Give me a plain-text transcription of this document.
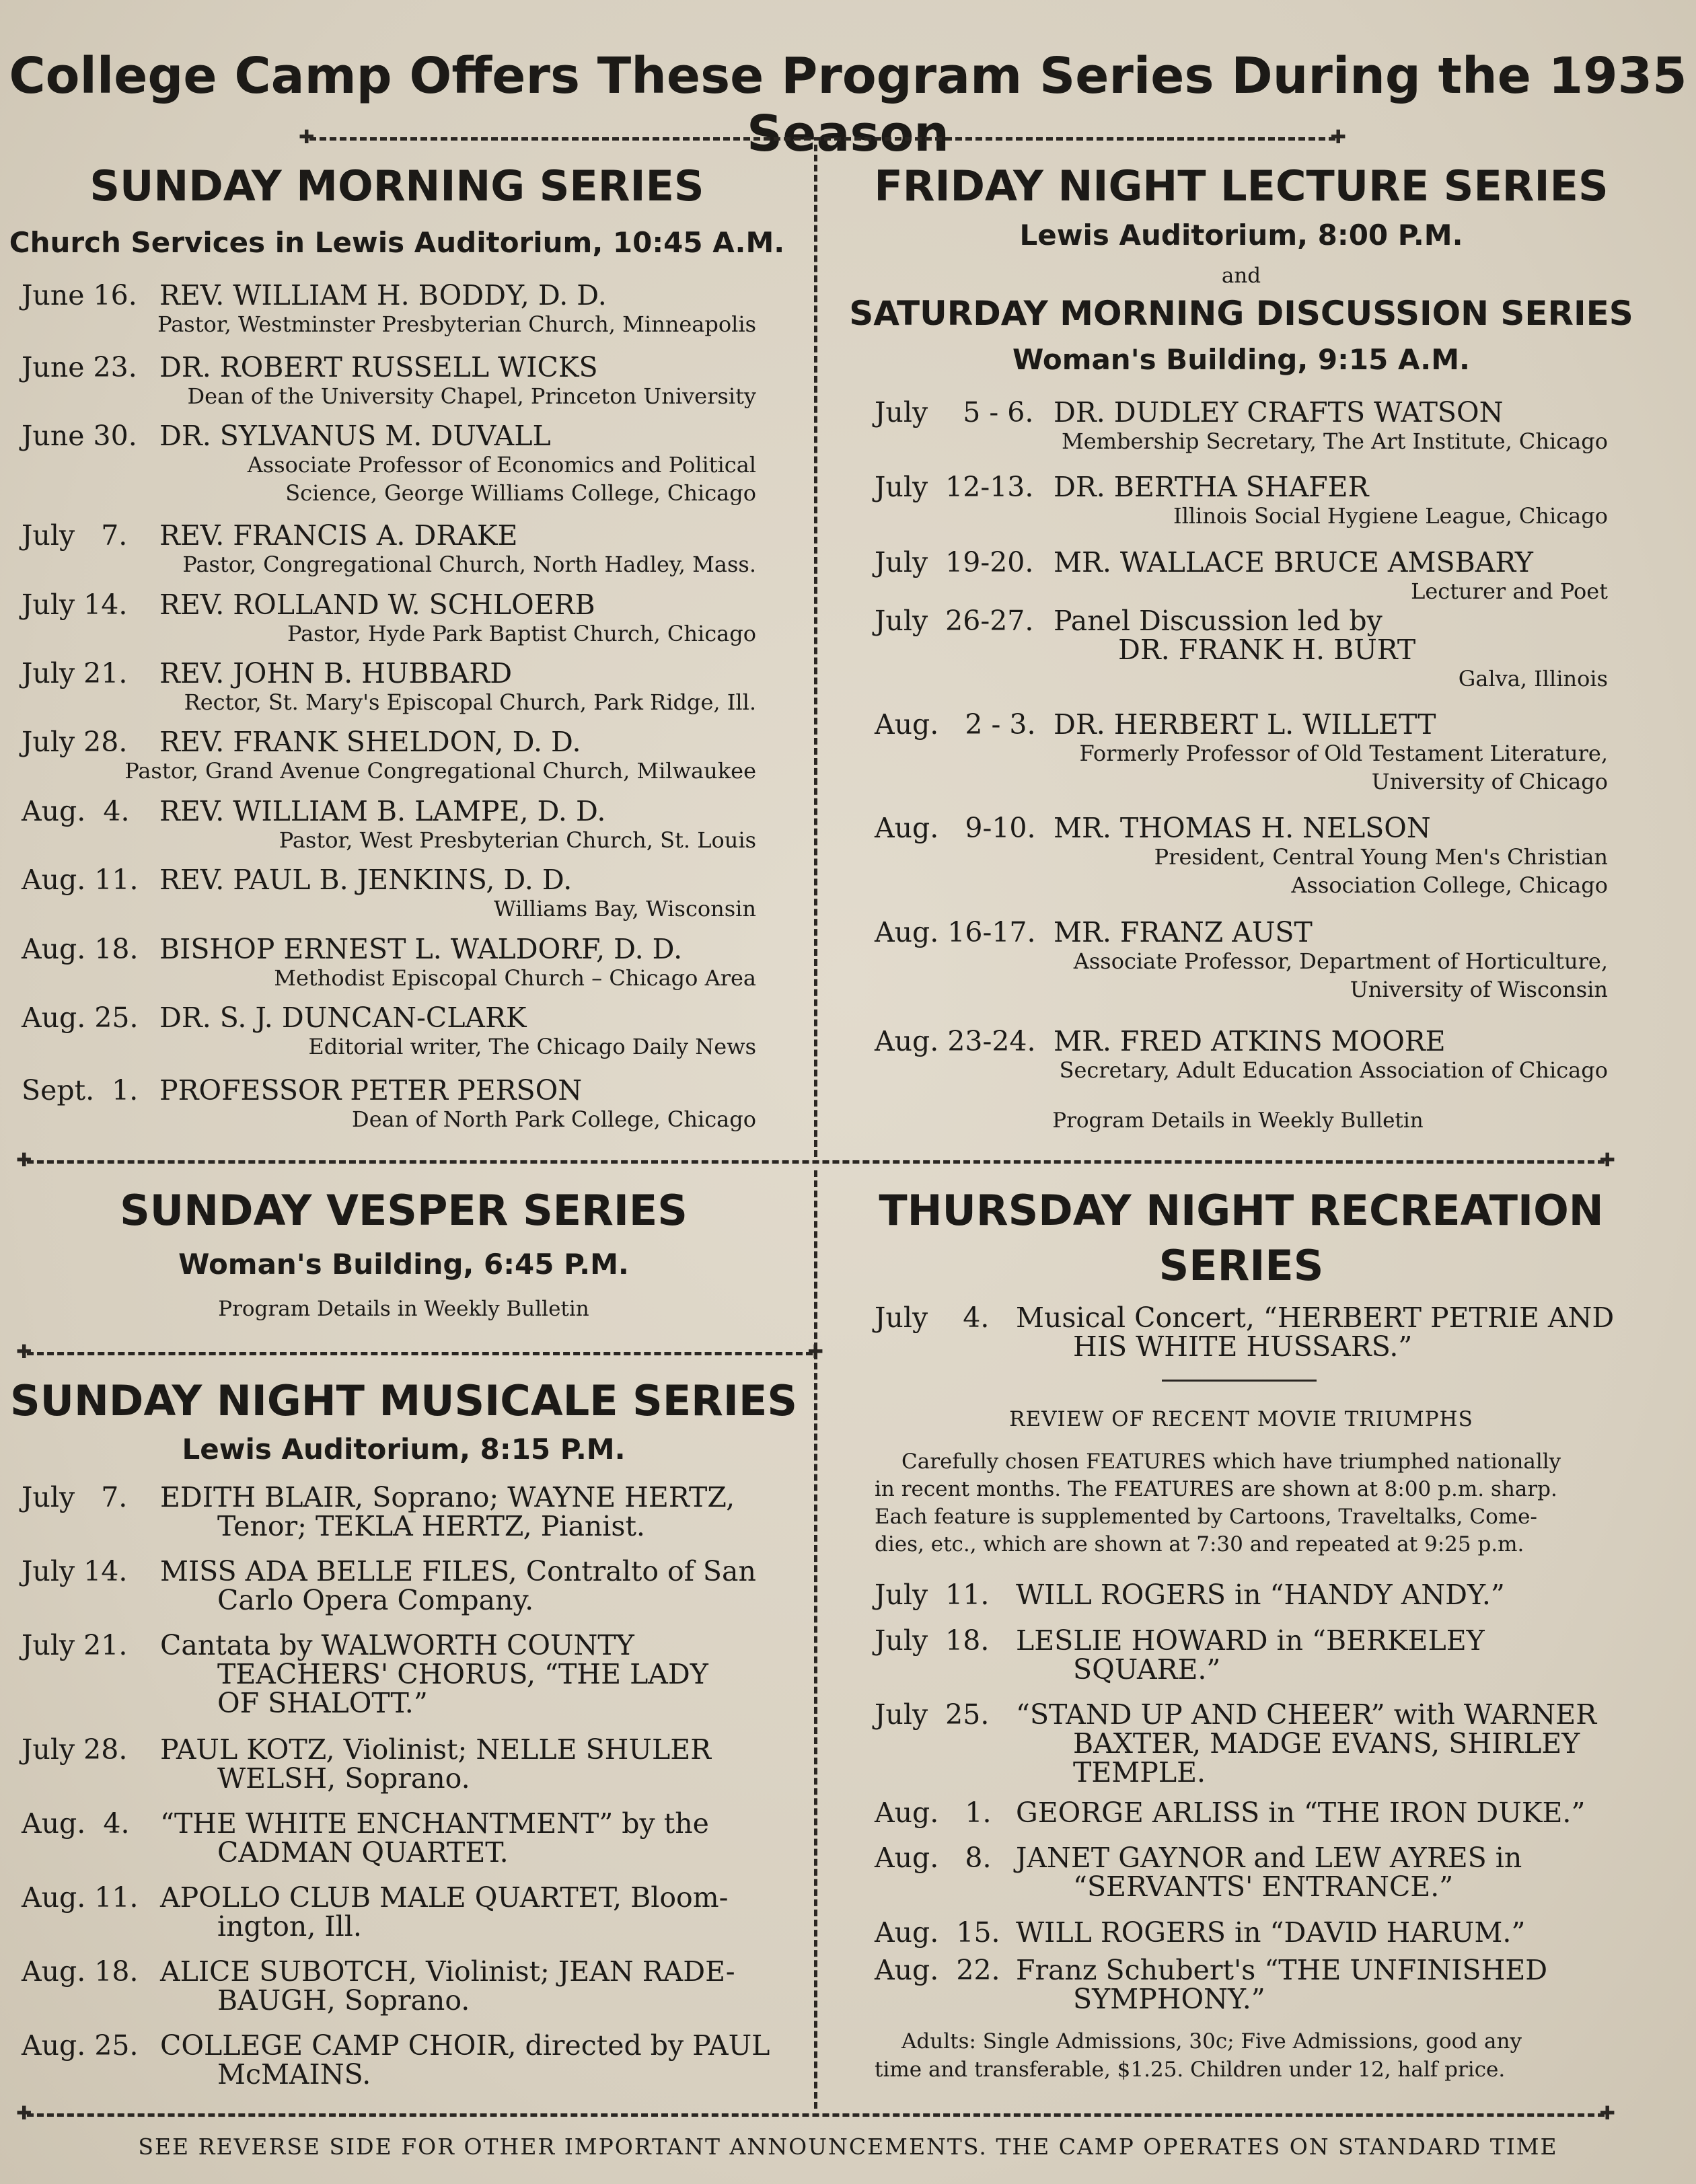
College Camp Offers These Program Series During the 1935 Season
✚ ✚
✚ ✚
✚ ✚
✚ ✚
SUNDAY MORNING SERIES
Church Services in Lewis Auditorium, 10:45 A.M.
June 16. REV. WILLIAM H. BODDY, D. D.
Pastor, Westminster Presbyterian Church, Minneapolis
June 23. DR. ROBERT RUSSELL WICKS
Dean of the University Chapel, Princeton University
June 30. DR. SYLVANUS M. DUVALL
Associate Professor of Economics and Political
Science, George Williams College, Chicago
July   7. REV. FRANCIS A. DRAKE
Pastor, Congregational Church, North Hadley, Mass.
July 14. REV. ROLLAND W. SCHLOERB
Pastor, Hyde Park Baptist Church, Chicago
July 21. REV. JOHN B. HUBBARD
Rector, St. Mary's Episcopal Church, Park Ridge, Ill.
July 28. REV. FRANK SHELDON, D. D.
Pastor, Grand Avenue Congregational Church, Milwaukee
Aug.  4. REV. WILLIAM B. LAMPE, D. D.
Pastor, West Presbyterian Church, St. Louis
Aug. 11. REV. PAUL B. JENKINS, D. D.
Williams Bay, Wisconsin
Aug. 18. BISHOP ERNEST L. WALDORF, D. D.
Methodist Episcopal Church – Chicago Area
Aug. 25. DR. S. J. DUNCAN-CLARK
Editorial writer, The Chicago Daily News
Sept.  1. PROFESSOR PETER PERSON
Dean of North Park College, Chicago
FRIDAY NIGHT LECTURE SERIES
Lewis Auditorium, 8:00 P.M.
and
SATURDAY MORNING DISCUSSION SERIES
Woman's Building, 9:15 A.M.
July    5 - 6. DR. DUDLEY CRAFTS WATSON
Membership Secretary, The Art Institute, Chicago
July  12-13. DR. BERTHA SHAFER
Illinois Social Hygiene League, Chicago
July  19-20. MR. WALLACE BRUCE AMSBARY
Lecturer and Poet
July  26-27. Panel Discussion led by
DR. FRANK H. BURT
Galva, Illinois
Aug.   2 - 3. DR. HERBERT L. WILLETT
Formerly Professor of Old Testament Literature,
University of Chicago
Aug.   9-10. MR. THOMAS H. NELSON
President, Central Young Men's Christian
Association College, Chicago
Aug. 16-17. MR. FRANZ AUST
Associate Professor, Department of Horticulture,
University of Wisconsin
Aug. 23-24. MR. FRED ATKINS MOORE
Secretary, Adult Education Association of Chicago
Program Details in Weekly Bulletin
SUNDAY VESPER SERIES
Woman's Building, 6:45 P.M.
Program Details in Weekly Bulletin
SUNDAY NIGHT MUSICALE SERIES
Lewis Auditorium, 8:15 P.M.
July   7. EDITH BLAIR, Soprano; WAYNE HERTZ,
Tenor; TEKLA HERTZ, Pianist.
July 14. MISS ADA BELLE FILES, Contralto of San
Carlo Opera Company.
July 21. Cantata by WALWORTH COUNTY
TEACHERS' CHORUS, “THE LADY
OF SHALOTT.”
July 28. PAUL KOTZ, Violinist; NELLE SHULER
WELSH, Soprano.
Aug.  4. “THE WHITE ENCHANTMENT” by the
CADMAN QUARTET.
Aug. 11. APOLLO CLUB MALE QUARTET, Bloom-
ington, Ill.
Aug. 18. ALICE SUBOTCH, Violinist; JEAN RADE-
BAUGH, Soprano.
Aug. 25. COLLEGE CAMP CHOIR, directed by PAUL
McMAINS.
THURSDAY NIGHT RECREATION
SERIES
July    4. Musical Concert, “HERBERT PETRIE AND
HIS WHITE HUSSARS.”
REVIEW OF RECENT MOVIE TRIUMPHS
Carefully chosen FEATURES which have triumphed nationally
in recent months. The FEATURES are shown at 8:00 p.m. sharp.
Each feature is supplemented by Cartoons, Traveltalks, Come-
dies, etc., which are shown at 7:30 and repeated at 9:25 p.m.
July  11. WILL ROGERS in “HANDY ANDY.”
July  18. LESLIE HOWARD in “BERKELEY
SQUARE.”
July  25. “STAND UP AND CHEER” with WARNER
BAXTER, MADGE EVANS, SHIRLEY
TEMPLE.
Aug.   1. GEORGE ARLISS in “THE IRON DUKE.”
Aug.   8. JANET GAYNOR and LEW AYRES in
“SERVANTS' ENTRANCE.”
Aug.  15. WILL ROGERS in “DAVID HARUM.”
Aug.  22. Franz Schubert's “THE UNFINISHED
SYMPHONY.”
Adults: Single Admissions, 30c; Five Admissions, good any
time and transferable, $1.25. Children under 12, half price.
SEE REVERSE SIDE FOR OTHER IMPORTANT ANNOUNCEMENTS. THE CAMP OPERATES ON STANDARD TIME
